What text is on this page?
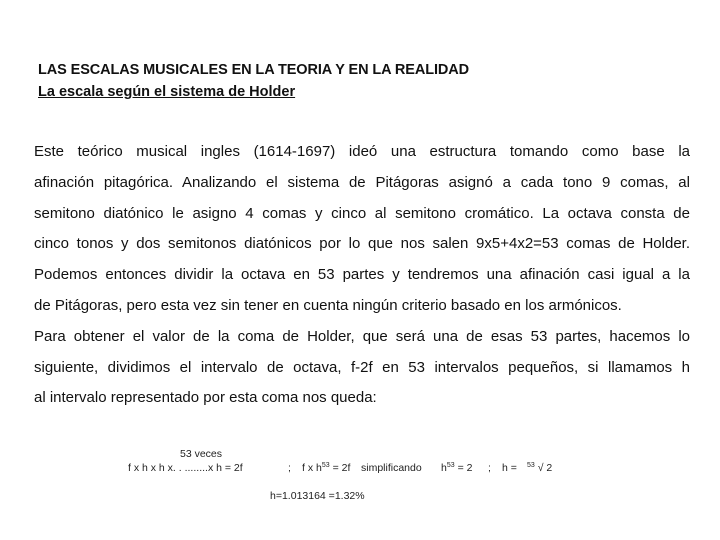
LAS ESCALAS MUSICALES EN LA TEORIA Y EN LA REALIDAD
La escala según el sistema de Holder
Este teórico musical ingles (1614-1697) ideó una estructura tomando como base la
afinación pitagórica. Analizando el sistema de Pitágoras asignó a cada tono 9 comas, al
semitono diatónico le asigno 4 comas y cinco al semitono cromático. La octava consta de
cinco tonos y dos semitonos diatónicos por lo que nos salen 9x5+4x2=53 comas de Holder.
Podemos entonces dividir la octava en 53 partes y tendremos una afinación casi igual a la
de Pitágoras, pero esta vez sin tener en cuenta ningún criterio basado en los armónicos.
Para obtener el valor de la coma de Holder, que será una de esas 53 partes, hacemos lo
siguiente, dividimos el intervalo de octava, f-2f en 53 intervalos pequeños, si llamamos h
al intervalo representado por esta coma nos queda:
53 veces
f x h x h x. . ........x h = 2f	; f x $h^{53} = 2f$ simplificando $h^{53} = 2$ ; h = $^{53}$ √ 2
h=1.013164 =1.32%
